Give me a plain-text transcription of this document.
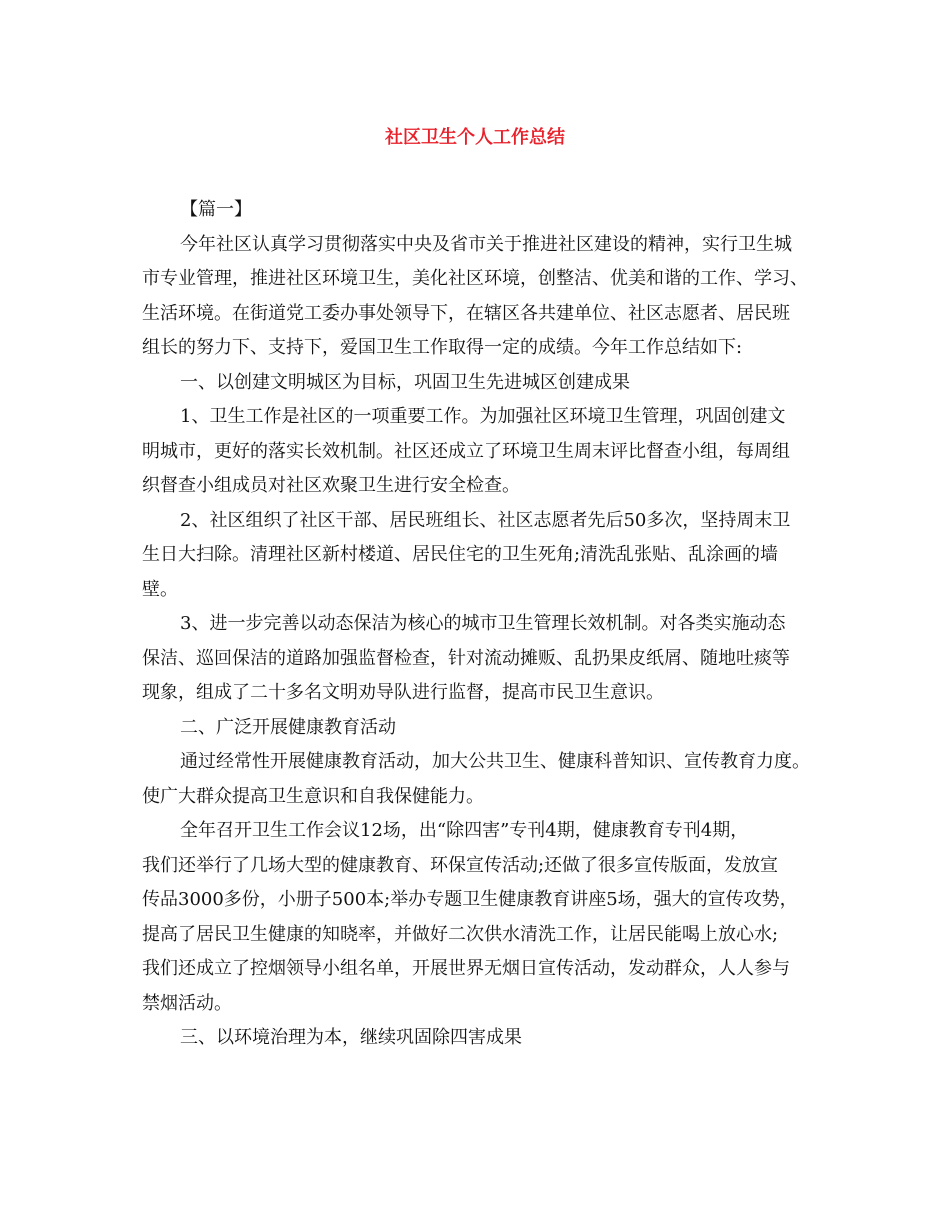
社区卫生个人工作总结
【篇一】
今年社区认真学习贯彻落实中央及省市关于推进社区建设的精神，实行卫生城
市专业管理，推进社区环境卫生，美化社区环境，创整洁、优美和谐的工作、学习、
生活环境。在街道党工委办事处领导下，在辖区各共建单位、社区志愿者、居民班
组长的努力下、支持下，爱国卫生工作取得一定的成绩。今年工作总结如下:
一、以创建文明城区为目标，巩固卫生先进城区创建成果
1、卫生工作是社区的一项重要工作。为加强社区环境卫生管理，巩固创建文
明城市，更好的落实长效机制。社区还成立了环境卫生周末评比督查小组，每周组
织督查小组成员对社区欢聚卫生进行安全检查。
2、社区组织了社区干部、居民班组长、社区志愿者先后50多次，坚持周末卫
生日大扫除。清理社区新村楼道、居民住宅的卫生死角;清洗乱张贴、乱涂画的墙
壁。
3、进一步完善以动态保洁为核心的城市卫生管理长效机制。对各类实施动态
保洁、巡回保洁的道路加强监督检查，针对流动摊贩、乱扔果皮纸屑、随地吐痰等
现象，组成了二十多名文明劝导队进行监督，提高市民卫生意识。
二、广泛开展健康教育活动
通过经常性开展健康教育活动，加大公共卫生、健康科普知识、宣传教育力度。
使广大群众提高卫生意识和自我保健能力。
全年召开卫生工作会议12场，出“除四害”专刊4期，健康教育专刊4期，
我们还举行了几场大型的健康教育、环保宣传活动;还做了很多宣传版面，发放宣
传品3000多份，小册子500本;举办专题卫生健康教育讲座5场，强大的宣传攻势，
提高了居民卫生健康的知晓率，并做好二次供水清洗工作，让居民能喝上放心水;
我们还成立了控烟领导小组名单，开展世界无烟日宣传活动，发动群众，人人参与
禁烟活动。
三、以环境治理为本，继续巩固除四害成果
